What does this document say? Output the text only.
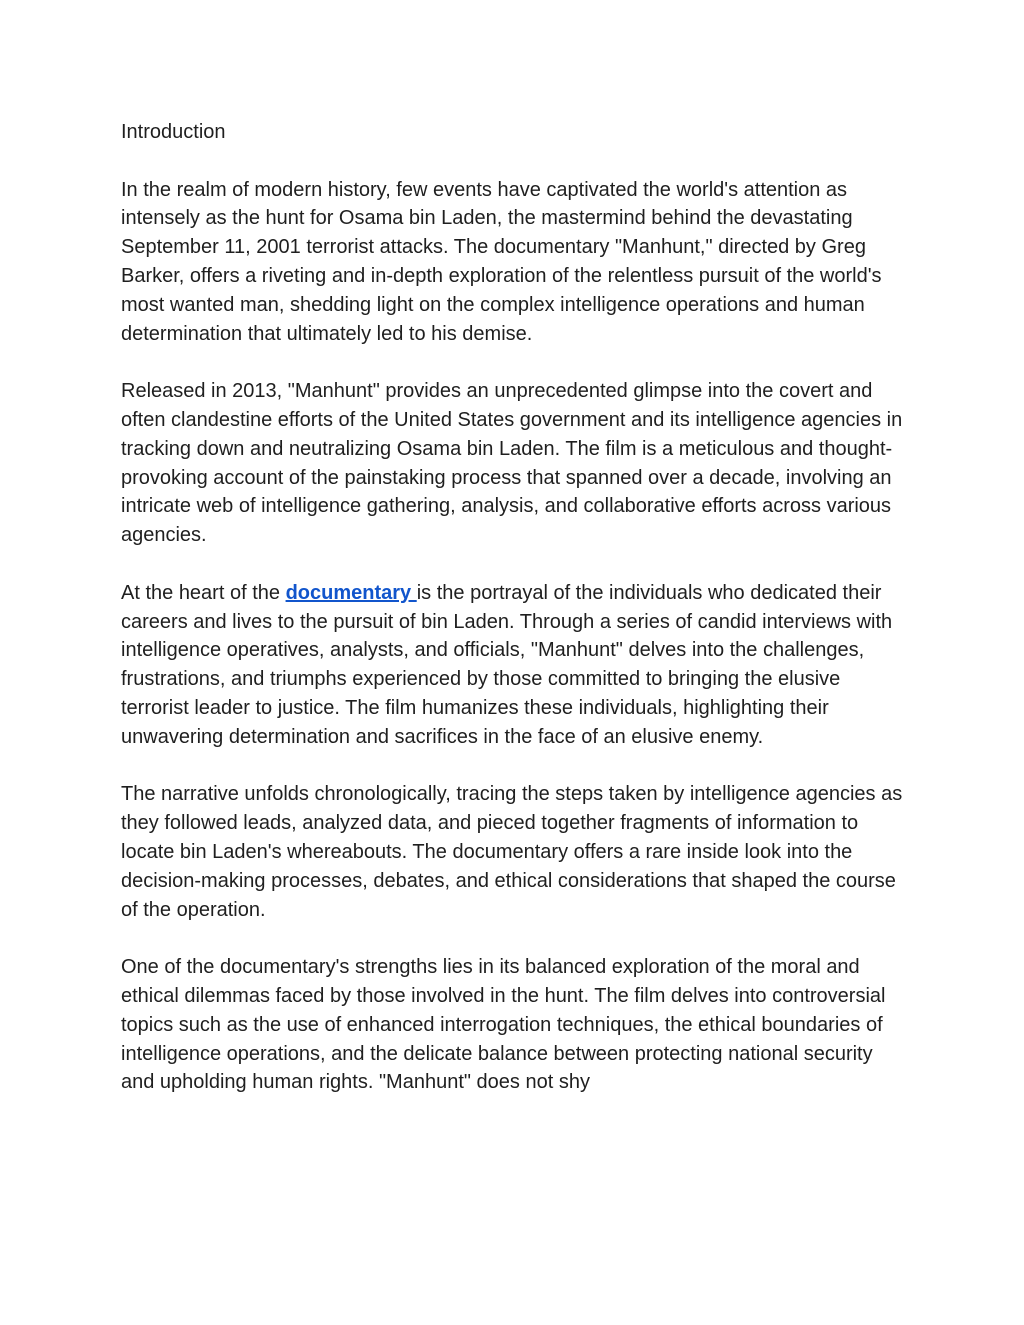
Introduction

In the realm of modern history, few events have captivated the world's attention as intensely as the hunt for Osama bin Laden, the mastermind behind the devastating September 11, 2001 terrorist attacks. The documentary "Manhunt," directed by Greg Barker, offers a riveting and in-depth exploration of the relentless pursuit of the world's most wanted man, shedding light on the complex intelligence operations and human determination that ultimately led to his demise.

Released in 2013, "Manhunt" provides an unprecedented glimpse into the covert and often clandestine efforts of the United States government and its intelligence agencies in tracking down and neutralizing Osama bin Laden. The film is a meticulous and thought-provoking account of the painstaking process that spanned over a decade, involving an intricate web of intelligence gathering, analysis, and collaborative efforts across various agencies.

At the heart of the documentary is the portrayal of the individuals who dedicated their careers and lives to the pursuit of bin Laden. Through a series of candid interviews with intelligence operatives, analysts, and officials, "Manhunt" delves into the challenges, frustrations, and triumphs experienced by those committed to bringing the elusive terrorist leader to justice. The film humanizes these individuals, highlighting their unwavering determination and sacrifices in the face of an elusive enemy.

The narrative unfolds chronologically, tracing the steps taken by intelligence agencies as they followed leads, analyzed data, and pieced together fragments of information to locate bin Laden's whereabouts. The documentary offers a rare inside look into the decision-making processes, debates, and ethical considerations that shaped the course of the operation.

One of the documentary's strengths lies in its balanced exploration of the moral and ethical dilemmas faced by those involved in the hunt. The film delves into controversial topics such as the use of enhanced interrogation techniques, the ethical boundaries of intelligence operations, and the delicate balance between protecting national security and upholding human rights. "Manhunt" does not shy
